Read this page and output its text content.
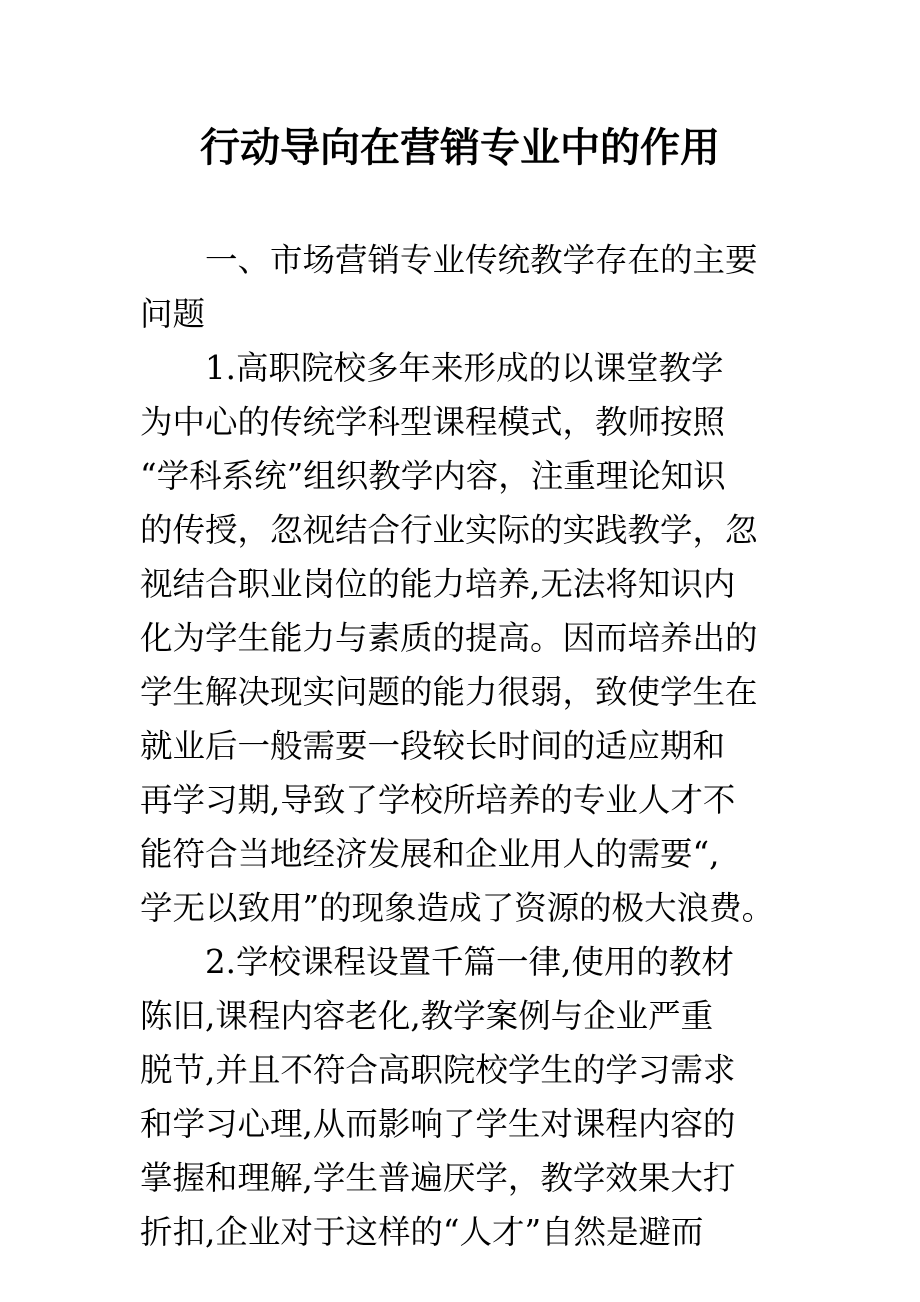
行动导向在营销专业中的作用
一、市场营销专业传统教学存在的主要
问题
1.高职院校多年来形成的以课堂教学
为中心的传统学科型课程模式，教师按照
“学科系统”组织教学内容，注重理论知识
的传授，忽视结合行业实际的实践教学，忽
视结合职业岗位的能力培养,无法将知识内
化为学生能力与素质的提高。因而培养出的
学生解决现实问题的能力很弱，致使学生在
就业后一般需要一段较长时间的适应期和
再学习期,导致了学校所培养的专业人才不
能符合当地经济发展和企业用人的需要“,
学无以致用”的现象造成了资源的极大浪费。
2.学校课程设置千篇一律,使用的教材
陈旧,课程内容老化,教学案例与企业严重
脱节,并且不符合高职院校学生的学习需求
和学习心理,从而影响了学生对课程内容的
掌握和理解,学生普遍厌学，教学效果大打
折扣,企业对于这样的“人才”自然是避而
